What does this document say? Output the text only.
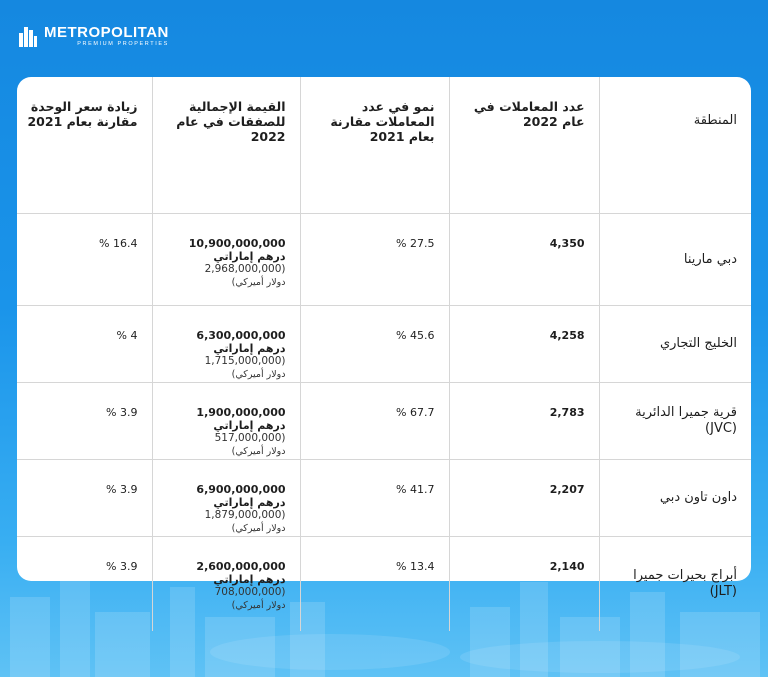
METROPOLITAN
PREMIUM PROPERTIES
المنطقة	عدد المعاملات في عام 2022	نمو في عدد المعاملات مقارنة بعام 2021	القيمة الإجمالية للصفقات في عام 2022	زيادة سعر الوحدة مقارنة بعام 2021
دبي مارينا	4,350	27.5 %	10,900,000,000
درهم إماراتي
(2,968,000,000
دولار أميركي)	16.4 %
الخليج التجاري	4,258	45.6 %	6,300,000,000
درهم إماراتي
(1,715,000,000
دولار أميركي)	4 %
قرية جميرا الدائرية (JVC)	2,783	67.7 %	1,900,000,000
درهم إماراتي
(517,000,000
دولار أميركي)	3.9 %
داون تاون دبي	2,207	41.7 %	6,900,000,000
درهم إماراتي
(1,879,000,000
دولار أميركي)	3.9 %
أبراج بحيرات جميرا (JLT)	2,140	13.4 %	2,600,000,000
درهم إماراتي
(708,000,000
دولار أميركي)	3.9 %
